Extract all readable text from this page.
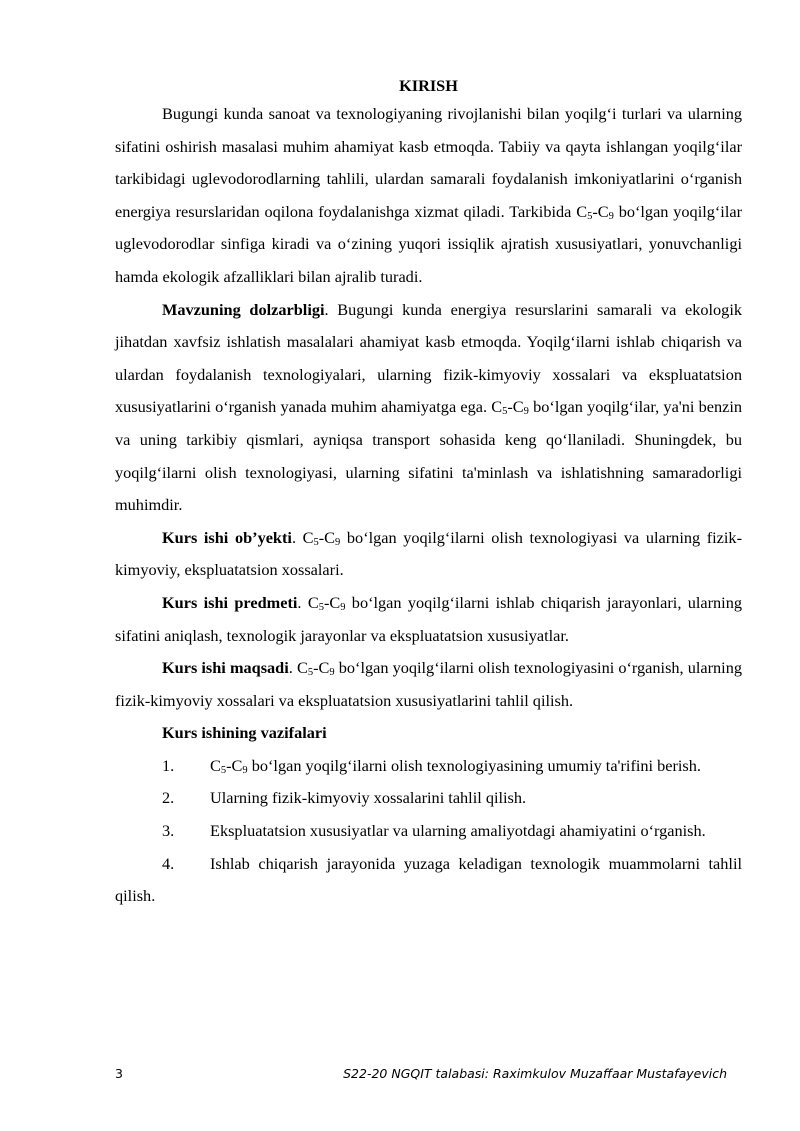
KIRISH

Bugungi kunda sanoat va texnologiyaning rivojlanishi bilan yoqilg‘i turlari va ularning sifatini oshirish masalasi muhim ahamiyat kasb etmoqda. Tabiiy va qayta ishlangan yoqilg‘ilar tarkibidagi uglevodorodlarning tahlili, ulardan samarali foydalanish imkoniyatlarini o‘rganish energiya resurslaridan oqilona foydalanishga xizmat qiladi. Tarkibida $C_5-C_9$ bo‘lgan yoqilg‘ilar uglevodorodlar sinfiga kiradi va o‘zining yuqori issiqlik ajratish xususiyatlari, yonuvchanligi hamda ekologik afzalliklari bilan ajralib turadi.

Mavzuning dolzarbligi. Bugungi kunda energiya resurslarini samarali va ekologik jihatdan xavfsiz ishlatish masalalari ahamiyat kasb etmoqda. Yoqilg‘ilarni ishlab chiqarish va ulardan foydalanish texnologiyalari, ularning fizik-kimyoviy xossalari va ekspluatatsion xususiyatlarini o‘rganish yanada muhim ahamiyatga ega. $C_5-C_9$ bo‘lgan yoqilg‘ilar, ya'ni benzin va uning tarkibiy qismlari, ayniqsa transport sohasida keng qo‘llaniladi. Shuningdek, bu yoqilg‘ilarni olish texnologiyasi, ularning sifatini ta'minlash va ishlatishning samaradorligi muhimdir.

Kurs ishi ob’yekti. $C_5-C_9$ bo‘lgan yoqilg‘ilarni olish texnologiyasi va ularning fizik-kimyoviy, ekspluatatsion xossalari.

Kurs ishi predmeti. $C_5-C_9$ bo‘lgan yoqilg‘ilarni ishlab chiqarish jarayonlari, ularning sifatini aniqlash, texnologik jarayonlar va ekspluatatsion xususiyatlar.

Kurs ishi maqsadi. $C_5-C_9$ bo‘lgan yoqilg‘ilarni olish texnologiyasini o‘rganish, ularning fizik-kimyoviy xossalari va ekspluatatsion xususiyatlarini tahlil qilish.

Kurs ishining vazifalari

1. $C_5-C_9$ bo‘lgan yoqilg‘ilarni olish texnologiyasining umumiy ta'rifini berish.

2. Ularning fizik-kimyoviy xossalarini tahlil qilish.

3. Ekspluatatsion xususiyatlar va ularning amaliyotdagi ahamiyatini o‘rganish.

4. Ishlab chiqarish jarayonida yuzaga keladigan texnologik muammolarni tahlil qilish.

3	S22-20 NGQIT talabasi: Raximkulov Muzaffaar Mustafayevich
